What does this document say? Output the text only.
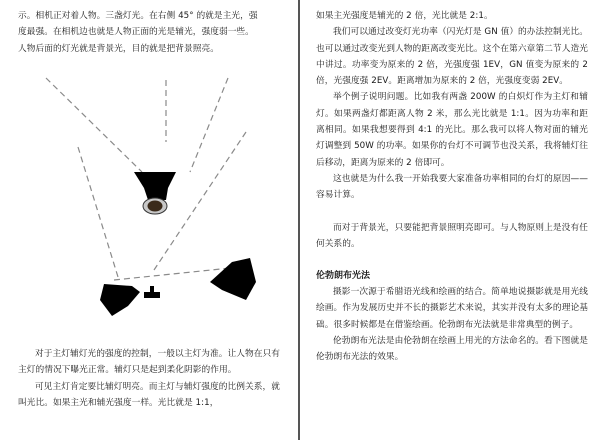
示。相机正对着人物。三盏灯光。在右侧 45° 的就是主光，强

度最强。在相机边也就是人物正面的光是辅光，强度弱一些。

人物后面的灯光就是背景光，目的就是把背景照亮。

对于主灯辅灯光的强度的控制，一般以主灯为准。让人物在只有主灯的情况下曝光正常。辅灯只是起到柔化阴影的作用。

可见主灯肯定要比辅灯明亮。而主灯与辅灯强度的比例关系，就叫光比。如果主光和辅光强度一样。光比就是 1:1，

如果主光强度是辅光的 2 倍，光比就是 2:1。

我们可以通过改变灯光功率（闪光灯是 GN 值）的办法控制光比。也可以通过改变光到人物的距离改变光比。这个在第六章第二节人造光中讲过。功率变为原来的 2 倍，光强度强 1EV，GN 值变为原来的 2 倍，光强度强 2EV。距离增加为原来的 2 倍，光强度变弱 2EV。

举个例子说明问题。比如我有两盏 200W 的白炽灯作为主灯和辅灯。如果两盏灯都距离人物 2 米，那么光比就是 1:1。因为功率和距离相同。如果我想要得到 4:1 的光比。那么我可以将人物对面的辅光灯调整到 50W 的功率。如果你的台灯不可调节也没关系，我将辅灯往后移动，距离为原来的 2 倍即可。

这也就是为什么我一开始我要大家准备功率相同的台灯的原因——容易计算。

而对于背景光，只要能把背景照明亮即可。与人物原则上是没有任何关系的。

伦勃朗布光法

摄影一次源于希腊语光线和绘画的结合。简单地说摄影就是用光线绘画。作为发展历史并不长的摄影艺术来说，其实并没有太多的理论基础。很多时候都是在借鉴绘画。伦勃朗布光法就是非常典型的例子。

伦勃朗布光法是由伦勃朗在绘画上用光的方法命名的。看下图就是伦勃朗布光法的效果。
